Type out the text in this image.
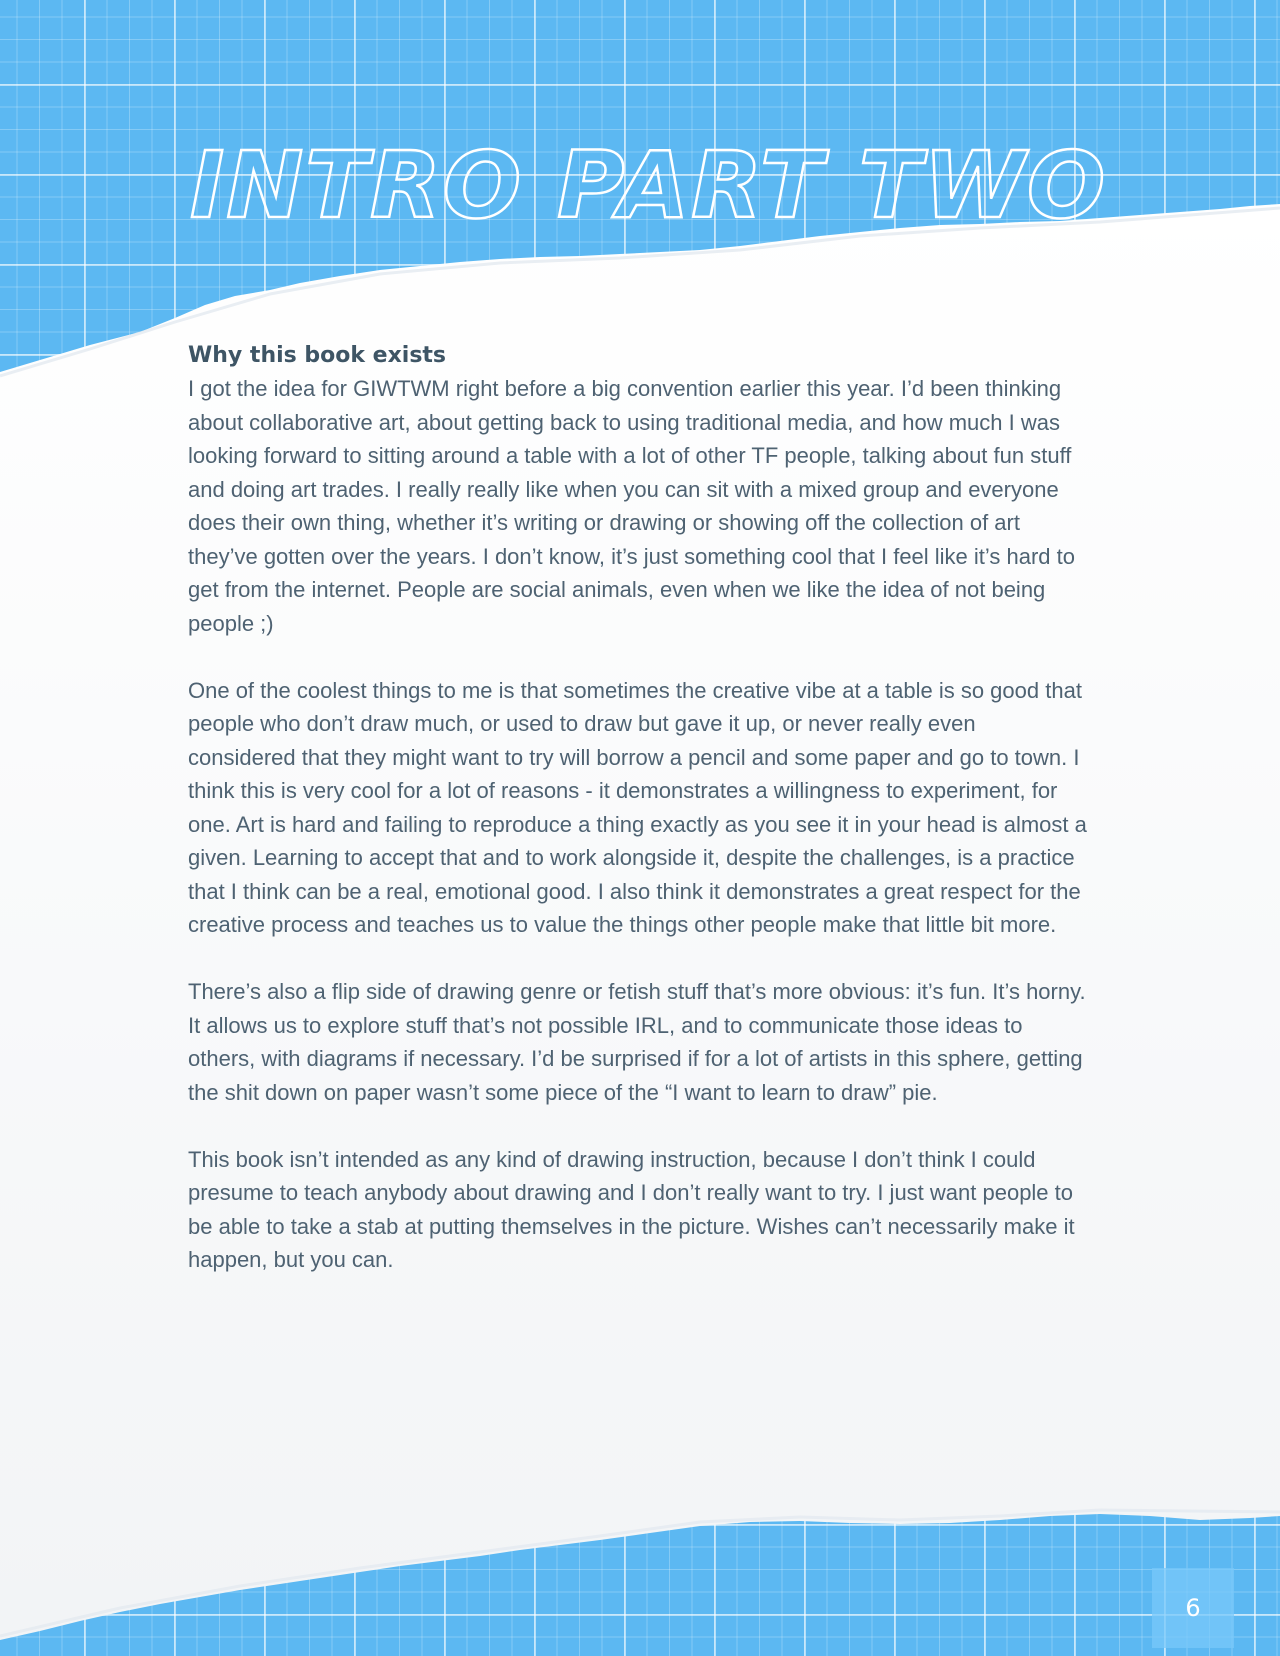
INTRO PART TWO
Why this book exists

I got the idea for GIWTWM right before a big convention earlier this year. I’d been thinking about collaborative art, about getting back to using traditional media, and how much I was looking forward to sitting around a table with a lot of other TF people, talking about fun stuff and doing art trades. I really really like when you can sit with a mixed group and everyone does their own thing, whether it’s writing or drawing or showing off the collection of art they’ve gotten over the years. I don’t know, it’s just something cool that I feel like it’s hard to get from the internet. People are social animals, even when we like the idea of not being people ;)

One of the coolest things to me is that sometimes the creative vibe at a table is so good that people who don’t draw much, or used to draw but gave it up, or never really even considered that they might want to try will borrow a pencil and some paper and go to town. I think this is very cool for a lot of reasons - it demonstrates a willingness to experiment, for one. Art is hard and failing to reproduce a thing exactly as you see it in your head is almost a given. Learning to accept that and to work alongside it, despite the challenges, is a practice that I think can be a real, emotional good. I also think it demonstrates a great respect for the creative process and teaches us to value the things other people make that little bit more.

There’s also a flip side of drawing genre or fetish stuff that’s more obvious: it’s fun. It’s horny. It allows us to explore stuff that’s not possible IRL, and to communicate those ideas to others, with diagrams if necessary. I’d be surprised if for a lot of artists in this sphere, getting the shit down on paper wasn’t some piece of the “I want to learn to draw” pie.

This book isn’t intended as any kind of drawing instruction, because I don’t think I could presume to teach anybody about drawing and I don’t really want to try. I just want people to be able to take a stab at putting themselves in the picture. Wishes can’t necessarily make it happen, but you can.

6
